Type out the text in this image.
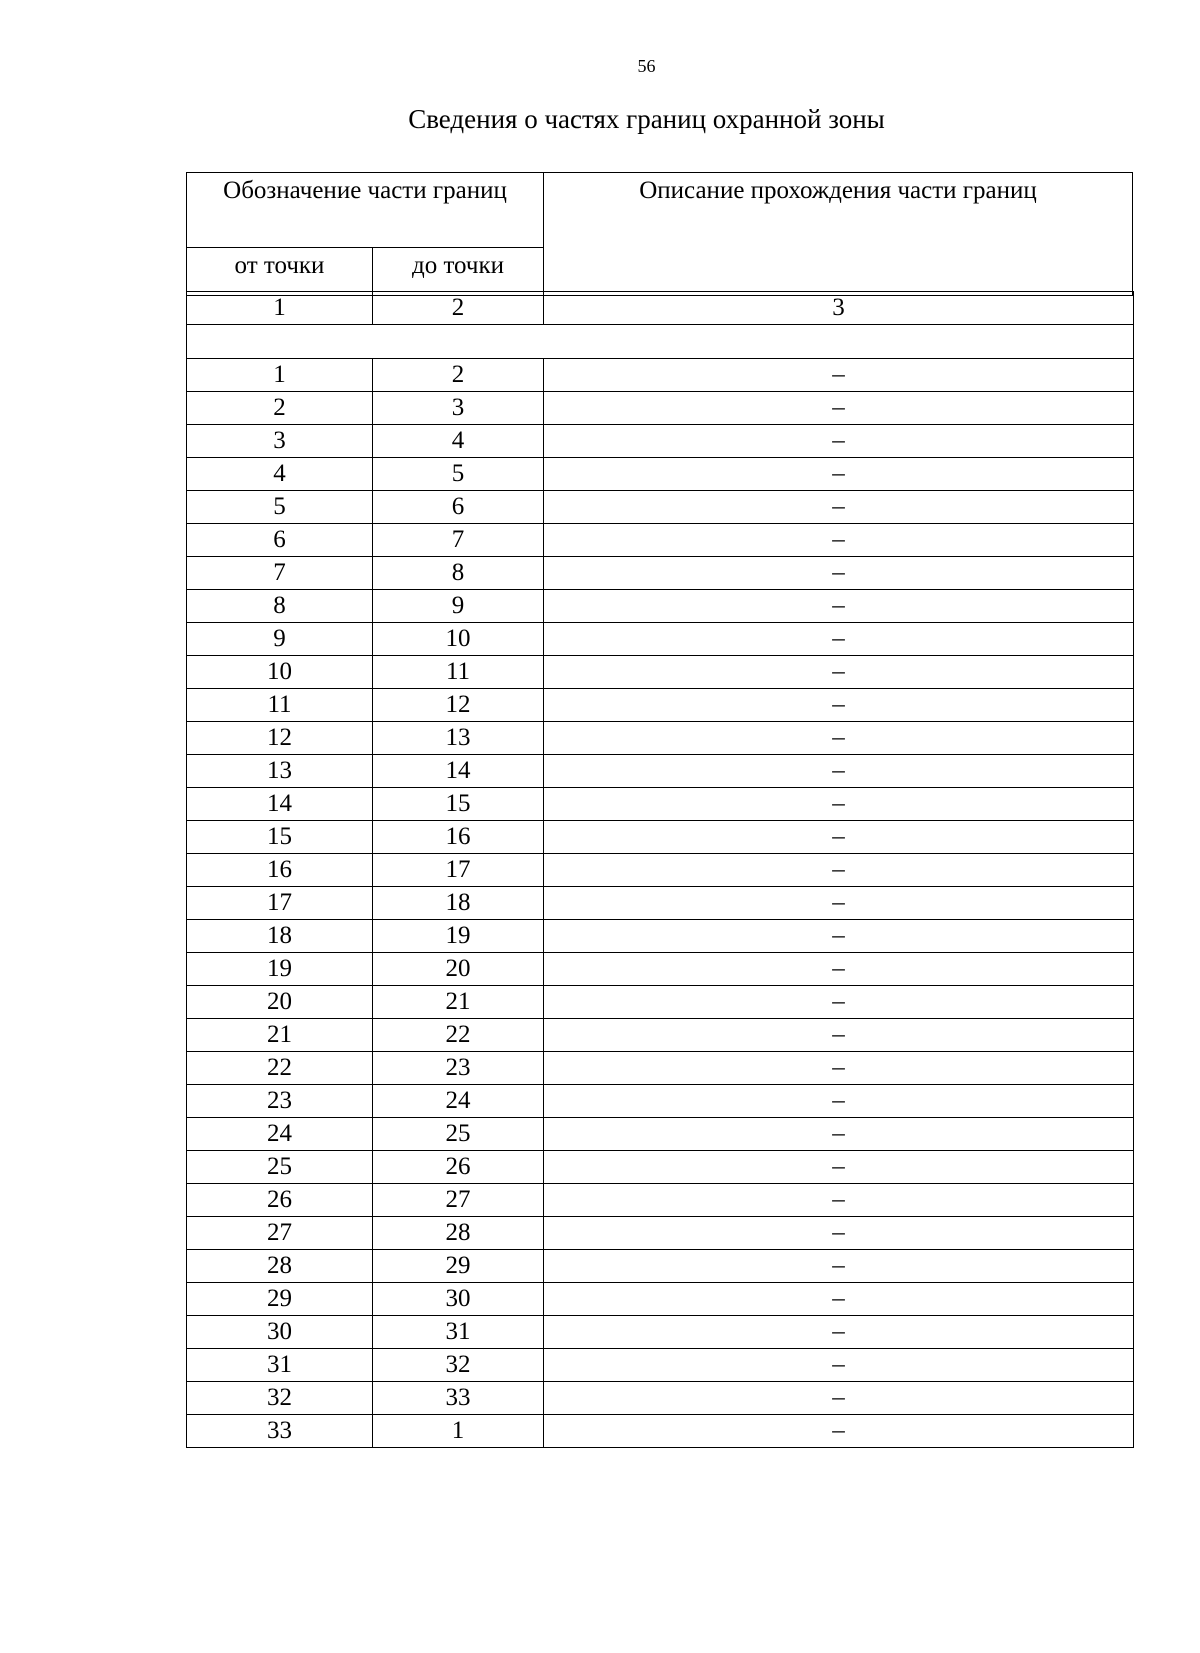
56
Сведения о частях границ охранной зоны
Обозначение части границ		Описание прохождения части границ
от точки	до точки	
1	2	3

1	2	–
2	3	–
3	4	–
4	5	–
5	6	–
6	7	–
7	8	–
8	9	–
9	10	–
10	11	–
11	12	–
12	13	–
13	14	–
14	15	–
15	16	–
16	17	–
17	18	–
18	19	–
19	20	–
20	21	–
21	22	–
22	23	–
23	24	–
24	25	–
25	26	–
26	27	–
27	28	–
28	29	–
29	30	–
30	31	–
31	32	–
32	33	–
33	1	–
